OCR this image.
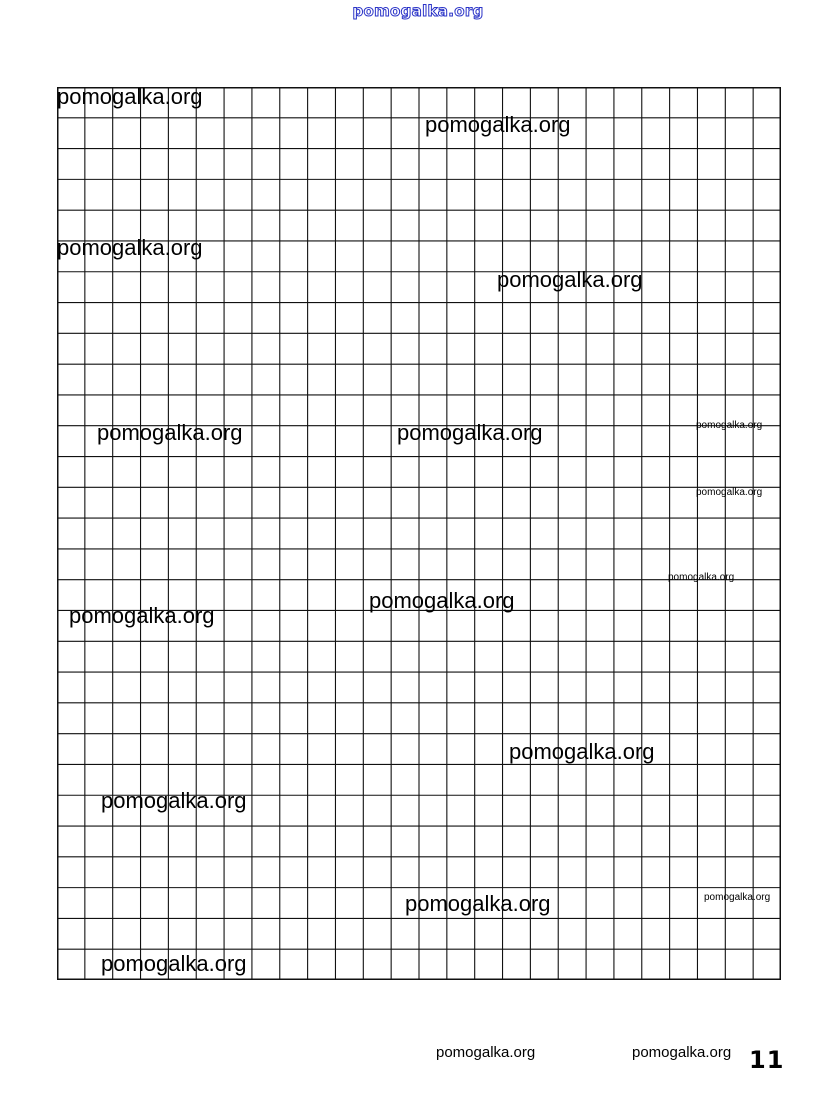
pomogalka.org
pomogalka.org
pomogalka.org
pomogalka.org
pomogalka.org
pomogalka.org	pomogalka.org	pomogalka.org
pomogalka.org
pomogalka.org
pomogalka.org
pomogalka.org
pomogalka.org
pomogalka.org
pomogalka.org	pomogalka.org
pomogalka.org
pomogalka.org	pomogalka.org 11
